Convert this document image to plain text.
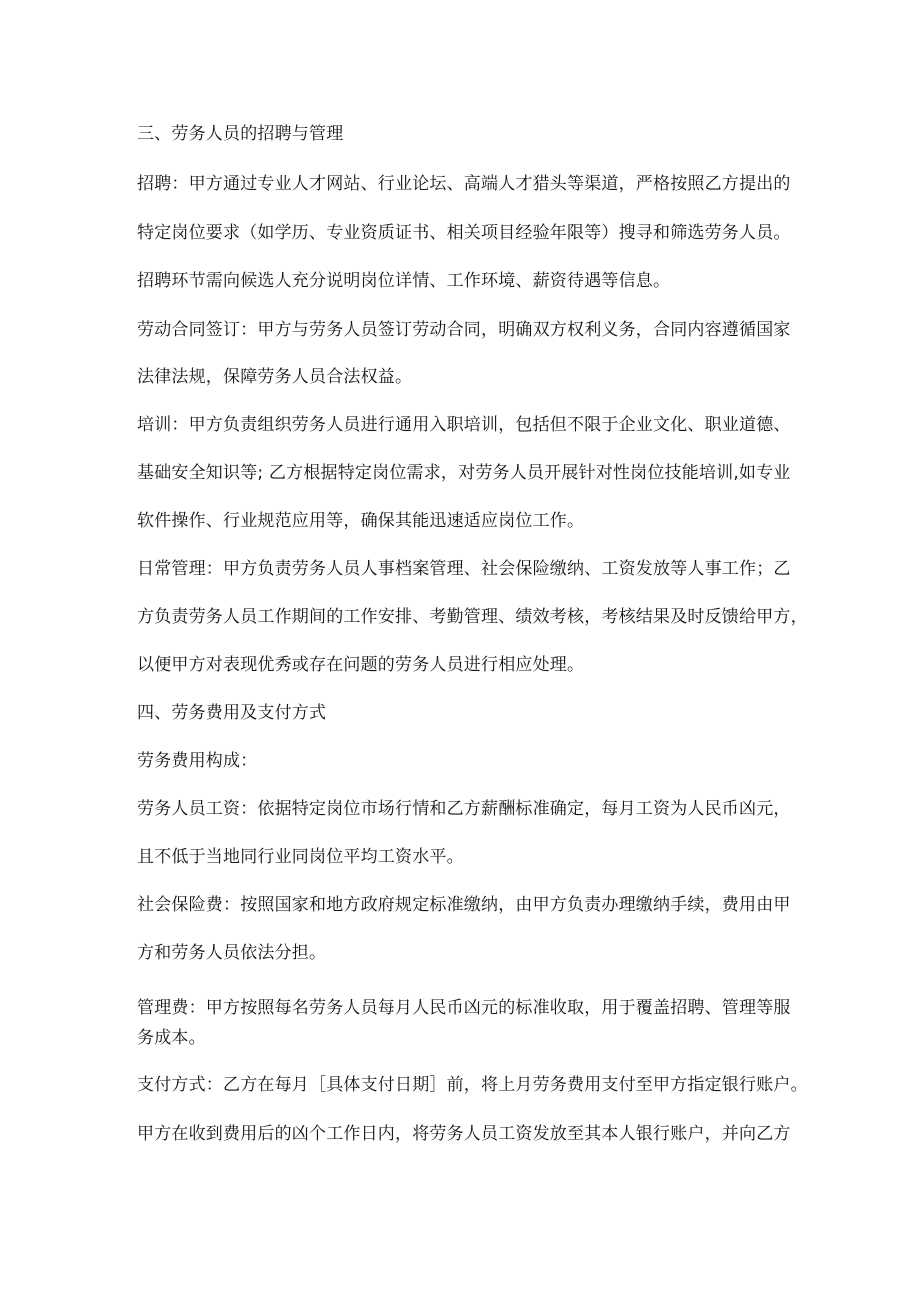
三、劳务人员的招聘与管理

招聘：甲方通过专业人才网站、行业论坛、高端人才猎头等渠道，严格按照乙方提出的

特定岗位要求（如学历、专业资质证书、相关项目经验年限等）搜寻和筛选劳务人员。

招聘环节需向候选人充分说明岗位详情、工作环境、薪资待遇等信息。

劳动合同签订：甲方与劳务人员签订劳动合同，明确双方权利义务，合同内容遵循国家

法律法规，保障劳务人员合法权益。

培训：甲方负责组织劳务人员进行通用入职培训，包括但不限于企业文化、职业道德、

基础安全知识等; 乙方根据特定岗位需求，对劳务人员开展针对性岗位技能培训,如专业

软件操作、行业规范应用等，确保其能迅速适应岗位工作。

日常管理：甲方负责劳务人员人事档案管理、社会保险缴纳、工资发放等人事工作；乙

方负责劳务人员工作期间的工作安排、考勤管理、绩效考核，考核结果及时反馈给甲方，

以便甲方对表现优秀或存在问题的劳务人员进行相应处理。

四、劳务费用及支付方式

劳务费用构成：

劳务人员工资：依据特定岗位市场行情和乙方薪酬标准确定，每月工资为人民币凶元，

且不低于当地同行业同岗位平均工资水平。

社会保险费：按照国家和地方政府规定标准缴纳，由甲方负责办理缴纳手续，费用由甲

方和劳务人员依法分担。

管理费：甲方按照每名劳务人员每月人民币凶元的标准收取，用于覆盖招聘、管理等服

务成本。

支付方式：乙方在每月［具体支付日期］前，将上月劳务费用支付至甲方指定银行账户。

甲方在收到费用后的凶个工作日内，将劳务人员工资发放至其本人银行账户，并向乙方
